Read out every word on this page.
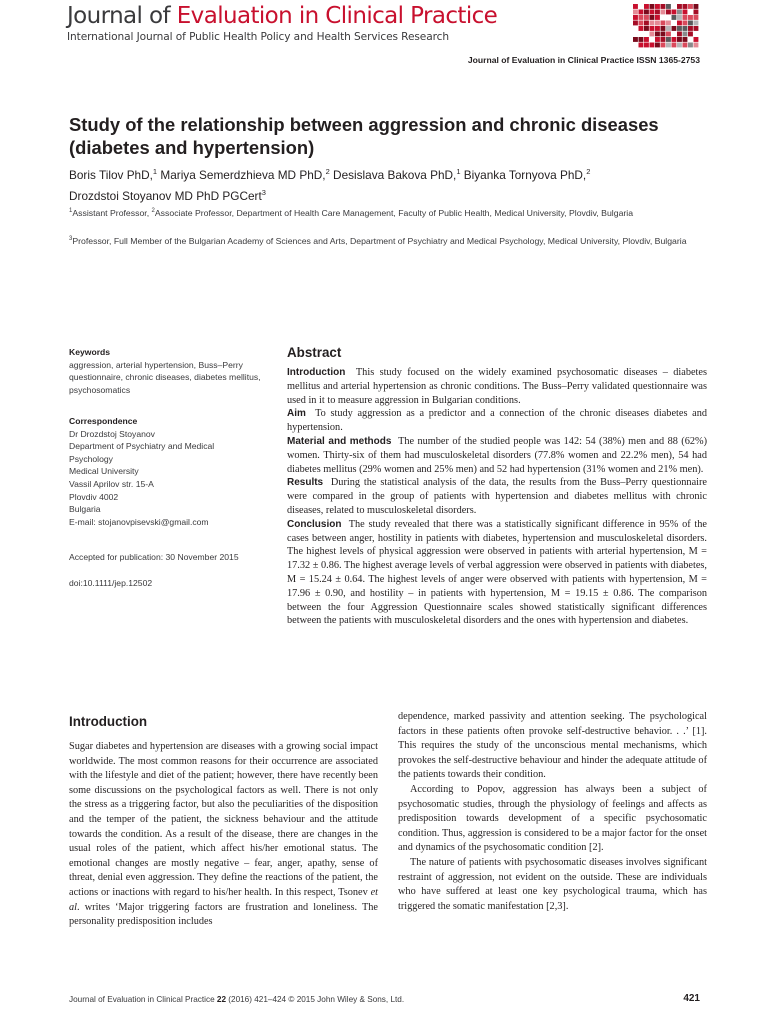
Journal of Evaluation in Clinical Practice
International Journal of Public Health Policy and Health Services Research
Journal of Evaluation in Clinical Practice ISSN 1365-2753
Study of the relationship between aggression and chronic diseases (diabetes and hypertension)
Boris Tilov PhD,$^1$ Mariya Semerdzhieva MD PhD,$^2$ Desislava Bakova PhD,$^1$ Biyanka Tornyova PhD,$^2$
Drozdstoi Stoyanov MD PhD PGCert$^3$
$^1$Assistant Professor, $^2$Associate Professor, Department of Health Care Management, Faculty of Public Health, Medical University, Plovdiv, Bulgaria
$^3$Professor, Full Member of the Bulgarian Academy of Sciences and Arts, Department of Psychiatry and Medical Psychology, Medical University, Plovdiv, Bulgaria
Keywords
aggression, arterial hypertension, Buss–Perry questionnaire, chronic diseases, diabetes mellitus, psychosomatics
Correspondence
Dr Drozdstoj Stoyanov
Department of Psychiatry and Medical
Psychology
Medical University
Vassil Aprilov str. 15-A
Plovdiv 4002
Bulgaria
E-mail: stojanovpisevski@gmail.com
Accepted for publication: 30 November 2015
doi:10.1111/jep.12502
Abstract
Introduction This study focused on the widely examined psychosomatic diseases – diabetes mellitus and arterial hypertension as chronic conditions. The Buss–Perry validated questionnaire was used in it to measure aggression in Bulgarian conditions.
Aim To study aggression as a predictor and a connection of the chronic diseases diabetes and hypertension.
Material and methods The number of the studied people was 142: 54 (38%) men and 88 (62%) women. Thirty-six of them had musculoskeletal disorders (77.8% women and 22.2% men), 54 had diabetes mellitus (29% women and 25% men) and 52 had hypertension (31% women and 21% men).
Results During the statistical analysis of the data, the results from the Buss–Perry questionnaire were compared in the group of patients with hypertension and diabetes mellitus with chronic diseases, related to musculoskeletal disorders.
Conclusion The study revealed that there was a statistically significant difference in 95% of the cases between anger, hostility in patients with diabetes, hypertension and musculoskeletal disorders. The highest levels of physical aggression were observed in patients with arterial hypertension, M = 17.32 ± 0.86. The highest average levels of verbal aggression were observed in patients with diabetes, M = 15.24 ± 0.64. The highest levels of anger were observed with patients with hypertension, M = 17.96 ± 0.90, and hostility – in patients with hypertension, M = 19.15 ± 0.86. The comparison between the four Aggression Questionnaire scales showed statistically significant differences between the patients with musculoskeletal disorders and the ones with hypertension and diabetes.
Introduction

Sugar diabetes and hypertension are diseases with a growing social impact worldwide. The most common reasons for their occurrence are associated with the lifestyle and diet of the patient; however, there have recently been some discussions on the psychological factors as well. There is not only the stress as a triggering factor, but also the peculiarities of the disposition and the temper of the patient, the sickness behaviour and the attitude towards the condition. As a result of the disease, there are changes in the usual roles of the patient, which affect his/her emotional status. The emotional changes are mostly negative – fear, anger, apathy, sense of threat, denial even aggression. They define the reactions of the patient, the actions or inactions with regard to his/her health. In this respect, Tsonev et al. writes ‘Major triggering factors are frustration and loneliness. The personality predisposition includes

dependence, marked passivity and attention seeking. The psychological factors in these patients often provoke self-destructive behavior. . .’ [1]. This requires the study of the unconscious mental mechanisms, which provokes the self-destructive behaviour and hinder the adequate attitude of the patients towards their condition.

According to Popov, aggression has always been a subject of psychosomatic studies, through the physiology of feelings and affects as predisposition towards development of a specific psychosomatic condition. Thus, aggression is considered to be a major factor for the onset and dynamics of the psychosomatic condition [2].

The nature of patients with psychosomatic diseases involves significant restraint of aggression, not evident on the outside. These are individuals who have suffered at least one key psychological trauma, which has triggered the somatic manifestation [2,3].

Journal of Evaluation in Clinical Practice 22 (2016) 421–424 © 2015 John Wiley & Sons, Ltd.	421
